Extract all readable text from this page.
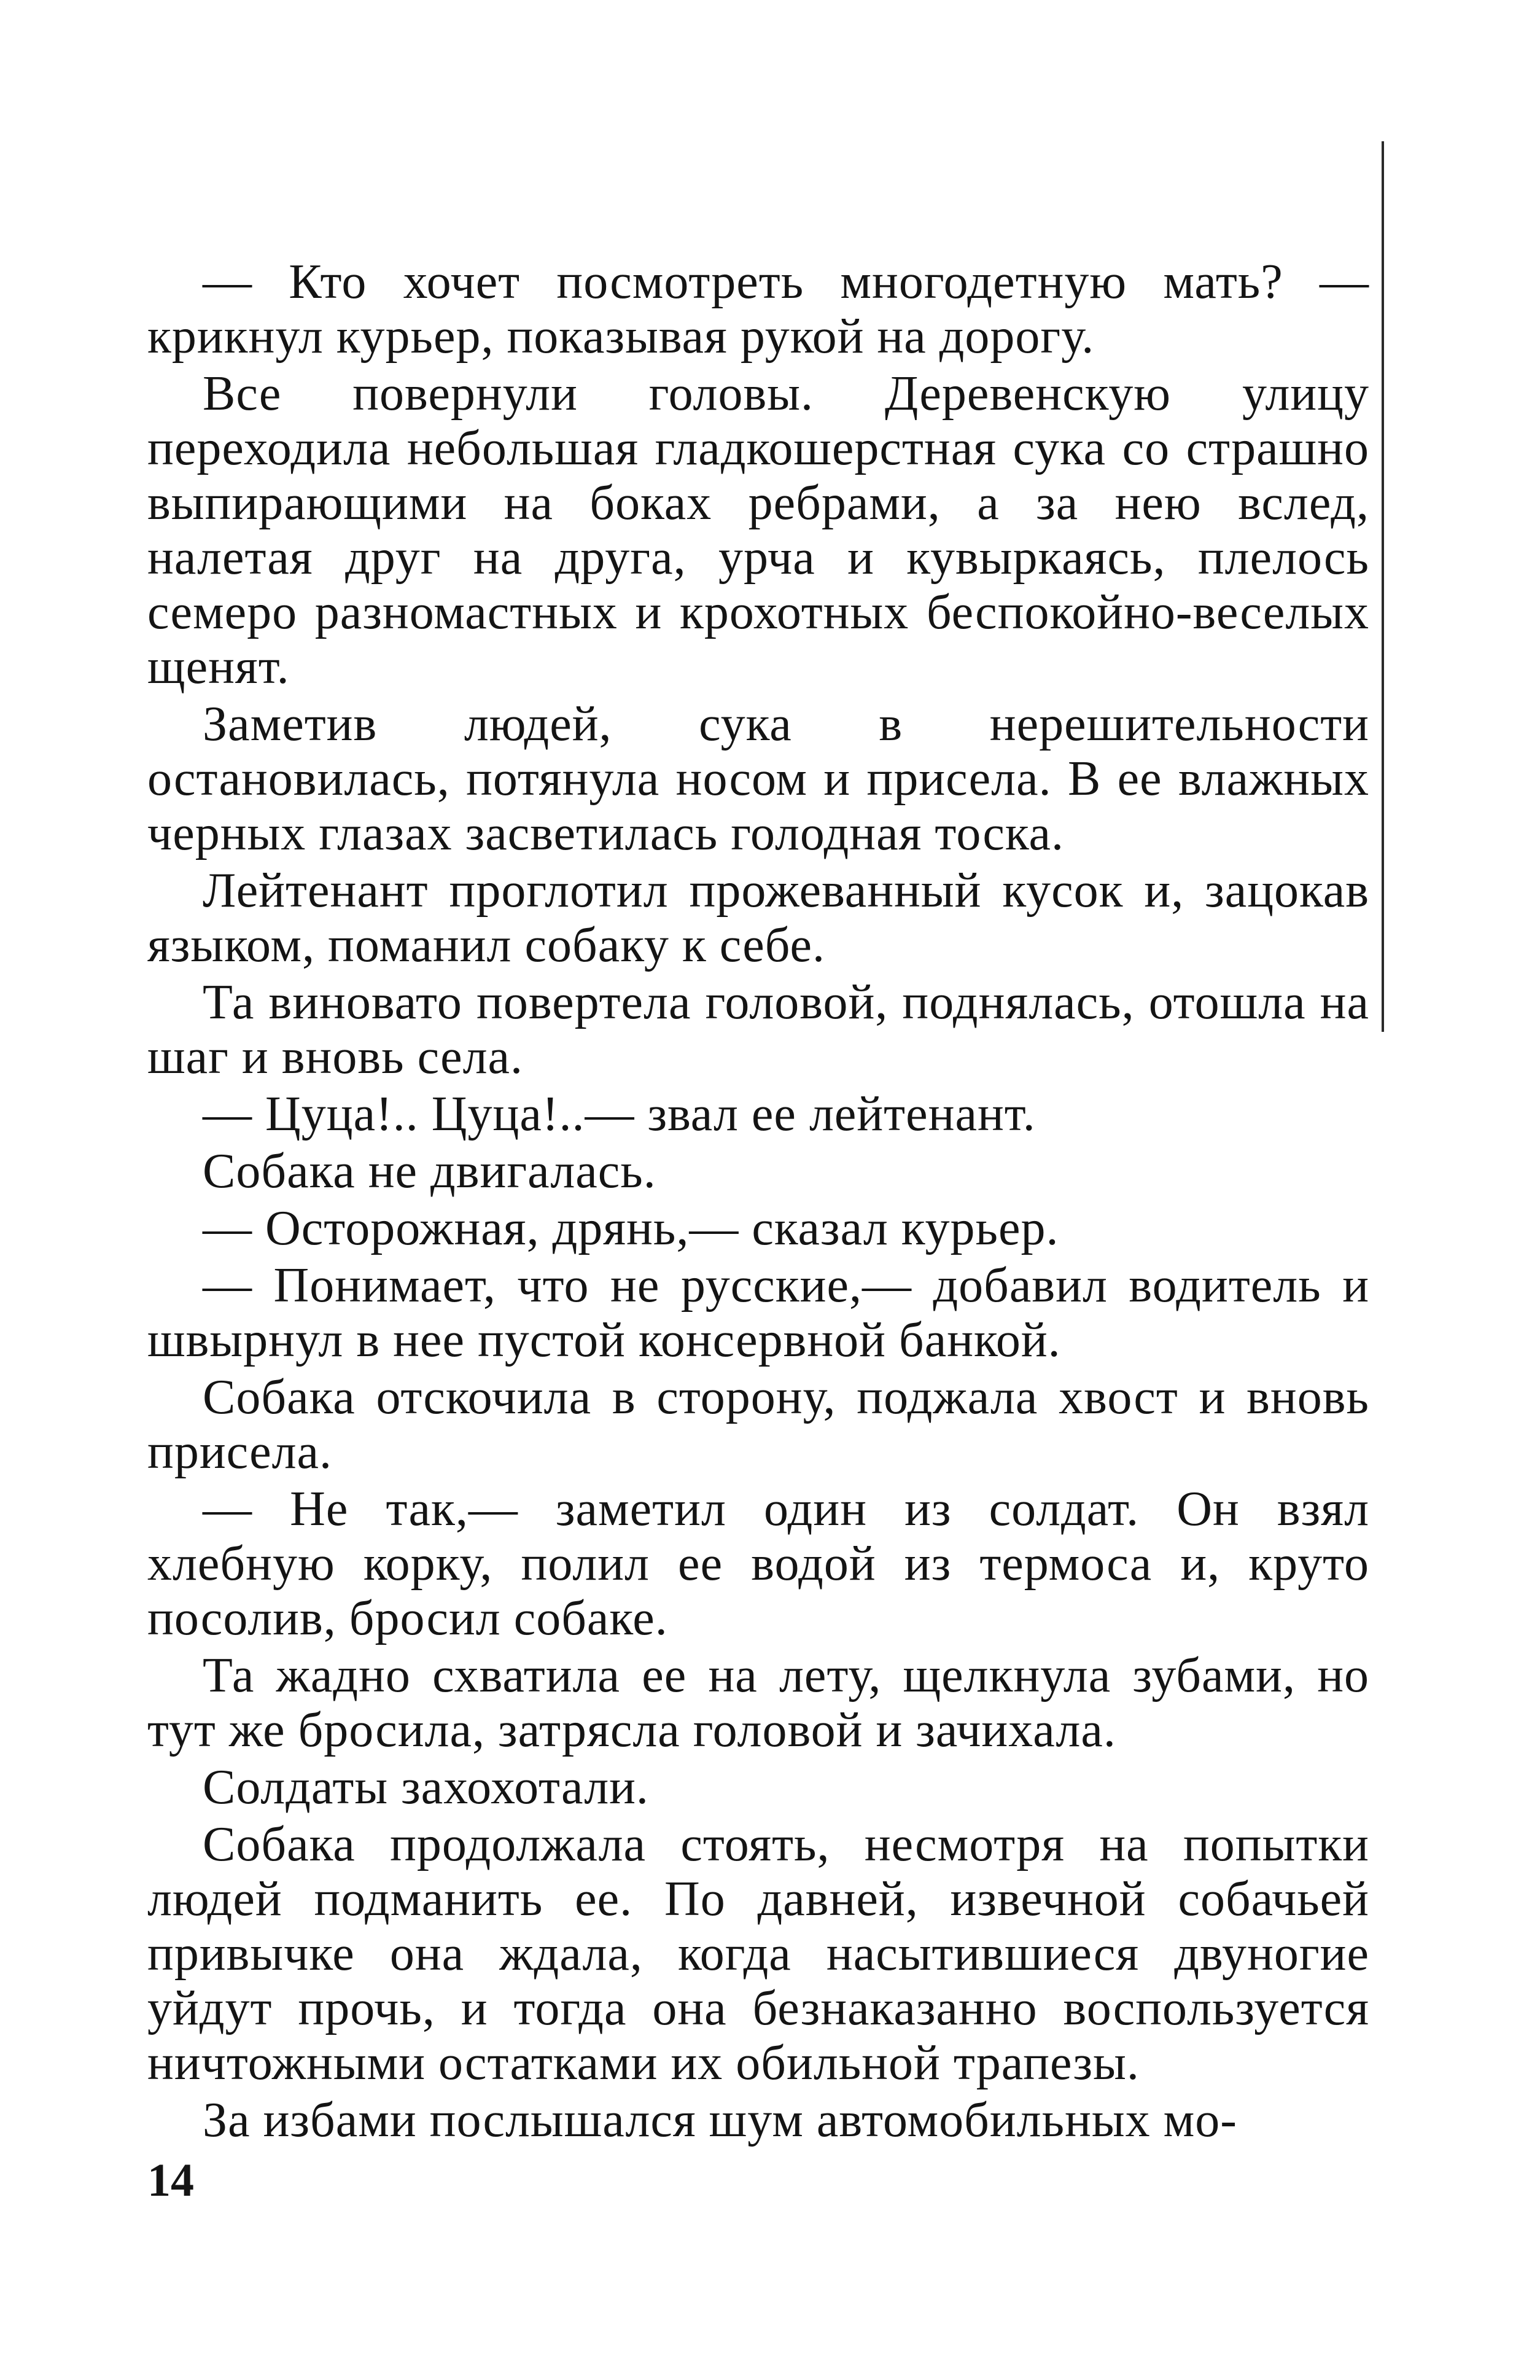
— Кто хочет посмотреть многодетную мать? — крикнул курьер, показывая рукой на дорогу.

Все повернули головы. Деревенскую улицу переходила небольшая гладкошерстная сука со страшно выпирающими на боках ребрами, а за нею вслед, налетая друг на друга, урча и кувыркаясь, плелось семеро разномастных и крохотных беспокойно-веселых щенят.

Заметив людей, сука в нерешительности остановилась, потянула носом и присела. В ее влажных черных глазах засветилась голодная тоска.

Лейтенант проглотил прожеванный кусок и, зацокав языком, поманил собаку к себе.

Та виновато повертела головой, поднялась, отошла на шаг и вновь села.

— Цуца!.. Цуца!..— звал ее лейтенант.

Собака не двигалась.

— Осторожная, дрянь,— сказал курьер.

— Понимает, что не русские,— добавил водитель и швырнул в нее пустой консервной банкой.

Собака отскочила в сторону, поджала хвост и вновь присела.

— Не так,— заметил один из солдат. Он взял хлебную корку, полил ее водой из термоса и, круто посолив, бросил собаке.

Та жадно схватила ее на лету, щелкнула зубами, но тут же бросила, затрясла головой и зачихала.

Солдаты захохотали.

Собака продолжала стоять, несмотря на попытки людей подманить ее. По давней, извечной собачьей привычке она ждала, когда насытившиеся двуногие уйдут прочь, и тогда она безнаказанно воспользуется ничтожными остатками их обильной трапезы.

За избами послышался шум автомобильных мо-

14
